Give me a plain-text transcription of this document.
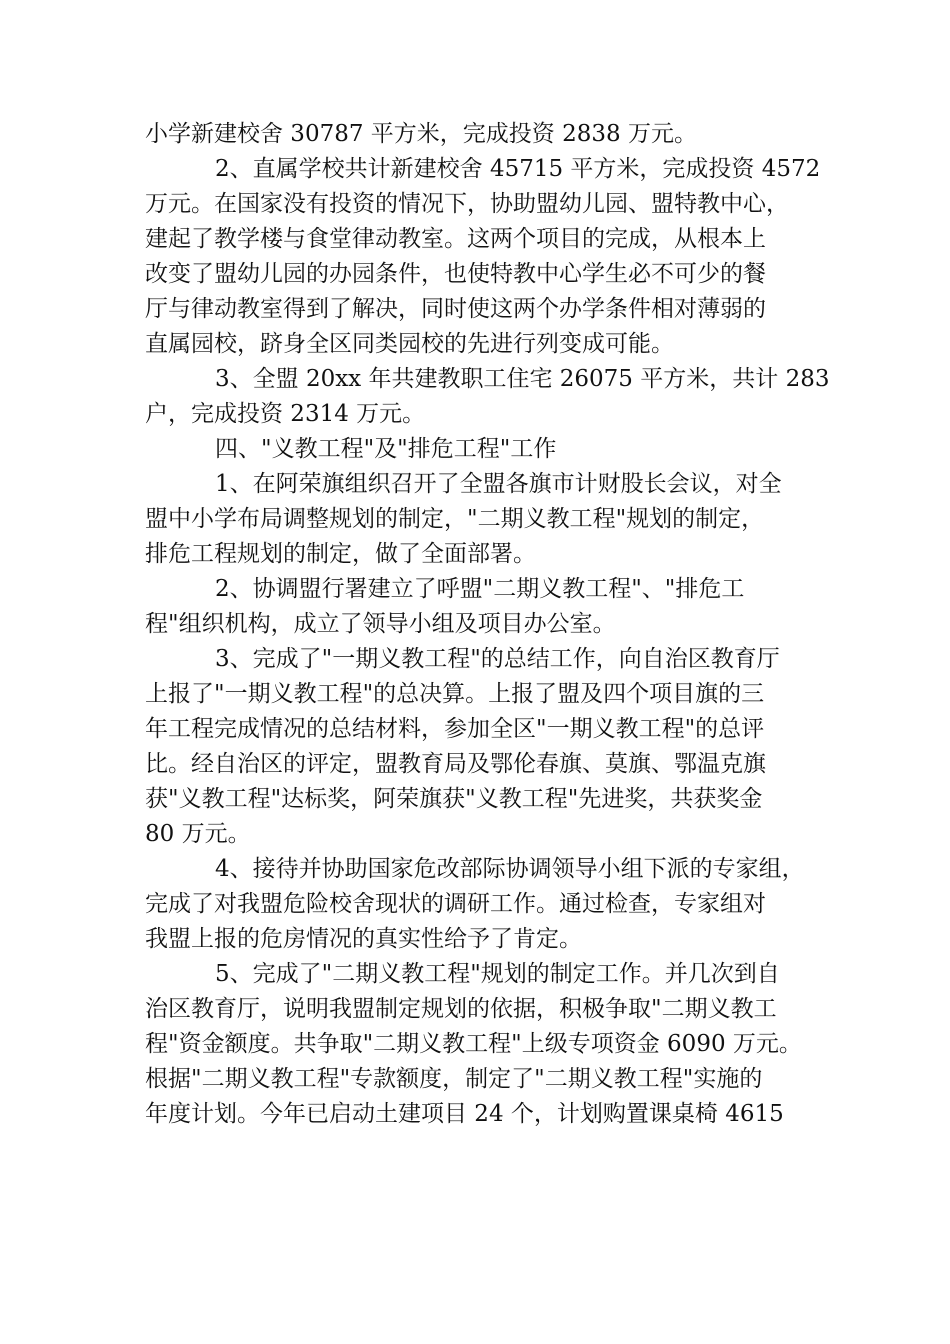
小学新建校舍 30787 平方米，完成投资 2838 万元。
2、直属学校共计新建校舍 45715 平方米，完成投资 4572
万元。在国家没有投资的情况下，协助盟幼儿园、盟特教中心，
建起了教学楼与食堂律动教室。这两个项目的完成，从根本上
改变了盟幼儿园的办园条件，也使特教中心学生必不可少的餐
厅与律动教室得到了解决，同时使这两个办学条件相对薄弱的
直属园校，跻身全区同类园校的先进行列变成可能。
3、全盟 20xx 年共建教职工住宅 26075 平方米，共计 283
户，完成投资 2314 万元。
四、"义教工程"及"排危工程"工作
1、在阿荣旗组织召开了全盟各旗市计财股长会议，对全
盟中小学布局调整规划的制定，"二期义教工程"规划的制定，
排危工程规划的制定，做了全面部署。
2、协调盟行署建立了呼盟"二期义教工程"、"排危工
程"组织机构，成立了领导小组及项目办公室。
3、完成了"一期义教工程"的总结工作，向自治区教育厅
上报了"一期义教工程"的总决算。上报了盟及四个项目旗的三
年工程完成情况的总结材料，参加全区"一期义教工程"的总评
比。经自治区的评定，盟教育局及鄂伦春旗、莫旗、鄂温克旗
获"义教工程"达标奖，阿荣旗获"义教工程"先进奖，共获奖金
80 万元。
4、接待并协助国家危改部际协调领导小组下派的专家组，
完成了对我盟危险校舍现状的调研工作。通过检查，专家组对
我盟上报的危房情况的真实性给予了肯定。
5、完成了"二期义教工程"规划的制定工作。并几次到自
治区教育厅，说明我盟制定规划的依据，积极争取"二期义教工
程"资金额度。共争取"二期义教工程"上级专项资金 6090 万元。
根据"二期义教工程"专款额度，制定了"二期义教工程"实施的
年度计划。今年已启动土建项目 24 个，计划购置课桌椅 4615
